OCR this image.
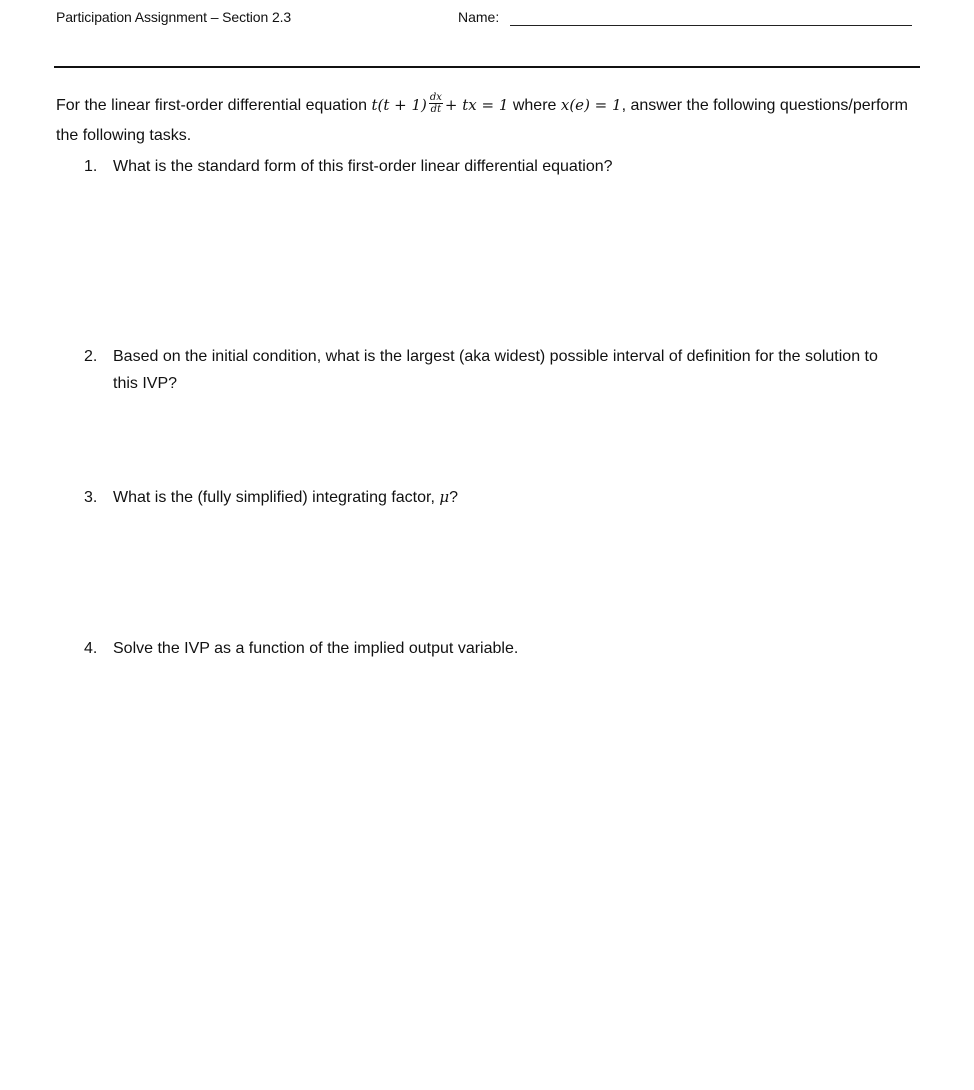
Participation Assignment – Section 2.3	Name:
For the linear first-order differential equation $t(t + 1) \frac{dx}{dt}$ + tx = 1 where x(e) = 1, answer the following questions/perform the following tasks.
1. What is the standard form of this first-order linear differential equation?
2. Based on the initial condition, what is the largest (aka widest) possible interval of definition for the solution to this IVP?
3. What is the (fully simplified) integrating factor, μ?
4. Solve the IVP as a function of the implied output variable.
